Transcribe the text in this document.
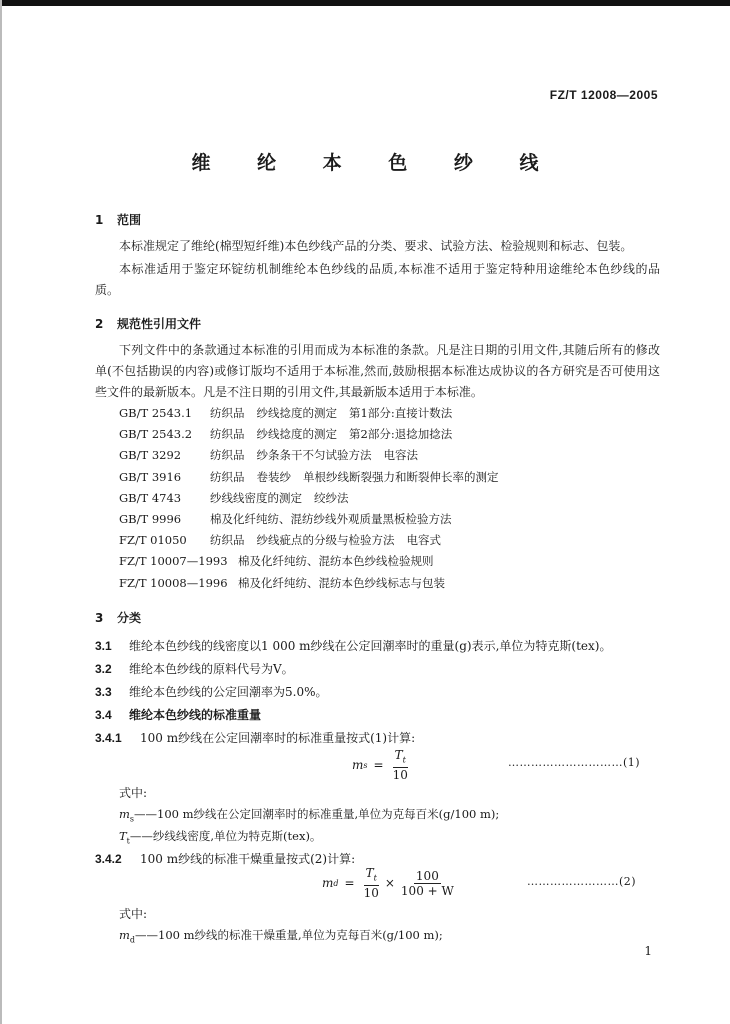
FZ/T 12008—2005
维 纶 本 色 纱 线
1 范围
本标准规定了维纶(棉型短纤维)本色纱线产品的分类、要求、试验方法、检验规则和标志、包装。
本标准适用于鉴定环锭纺机制维纶本色纱线的品质,本标准不适用于鉴定特种用途维纶本色纱线的品质。
2 规范性引用文件
下列文件中的条款通过本标准的引用而成为本标准的条款。凡是注日期的引用文件,其随后所有的修改单(不包括勘误的内容)或修订版均不适用于本标准,然而,鼓励根据本标准达成协议的各方研究是否可使用这些文件的最新版本。凡是不注日期的引用文件,其最新版本适用于本标准。
GB/T 2543.1 纺织品 纱线捻度的测定 第1部分:直接计数法
GB/T 2543.2 纺织品 纱线捻度的测定 第2部分:退捻加捻法
GB/T 3292	纺织品 纱条条干不匀试验方法 电容法
GB/T 3916	纺织品 卷装纱 单根纱线断裂强力和断裂伸长率的测定
GB/T 4743	纱线线密度的测定 绞纱法
GB/T 9996	棉及化纤纯纺、混纺纱线外观质量黑板检验方法
FZ/T 01050 纺织品 纱线疵点的分级与检验方法 电容式
FZ/T 10007—1993 棉及化纤纯纺、混纺本色纱线检验规则
FZ/T 10008—1996 棉及化纤纯纺、混纺本色纱线标志与包装
3 分类
3.1 维纶本色纱线的线密度以1 000 m纱线在公定回潮率时的重量(g)表示,单位为特克斯(tex)。
3.2 维纶本色纱线的原料代号为V。
3.3 维纶本色纱线的公定回潮率为5.0%。
3.4 维纶本色纱线的标准重量
3.4.1 100 m纱线在公定回潮率时的标准重量按式(1)计算:
m $s = \frac{T_t}{10}$	…………………………(1)
式中:
$m_s——100$ m纱线在公定回潮率时的标准重量,单位为克每百米(g/100 m);
$T_t——$纱线线密度,单位为特克斯(tex)。
3.4.2 100 m纱线的标准干燥重量按式(2)计算:
m $d = \frac{T_t}{10} \times \frac{100}{100 + W}$	……………………(2)
式中:
$m_d——100$ m纱线的标准干燥重量,单位为克每百米(g/100 m);
1
